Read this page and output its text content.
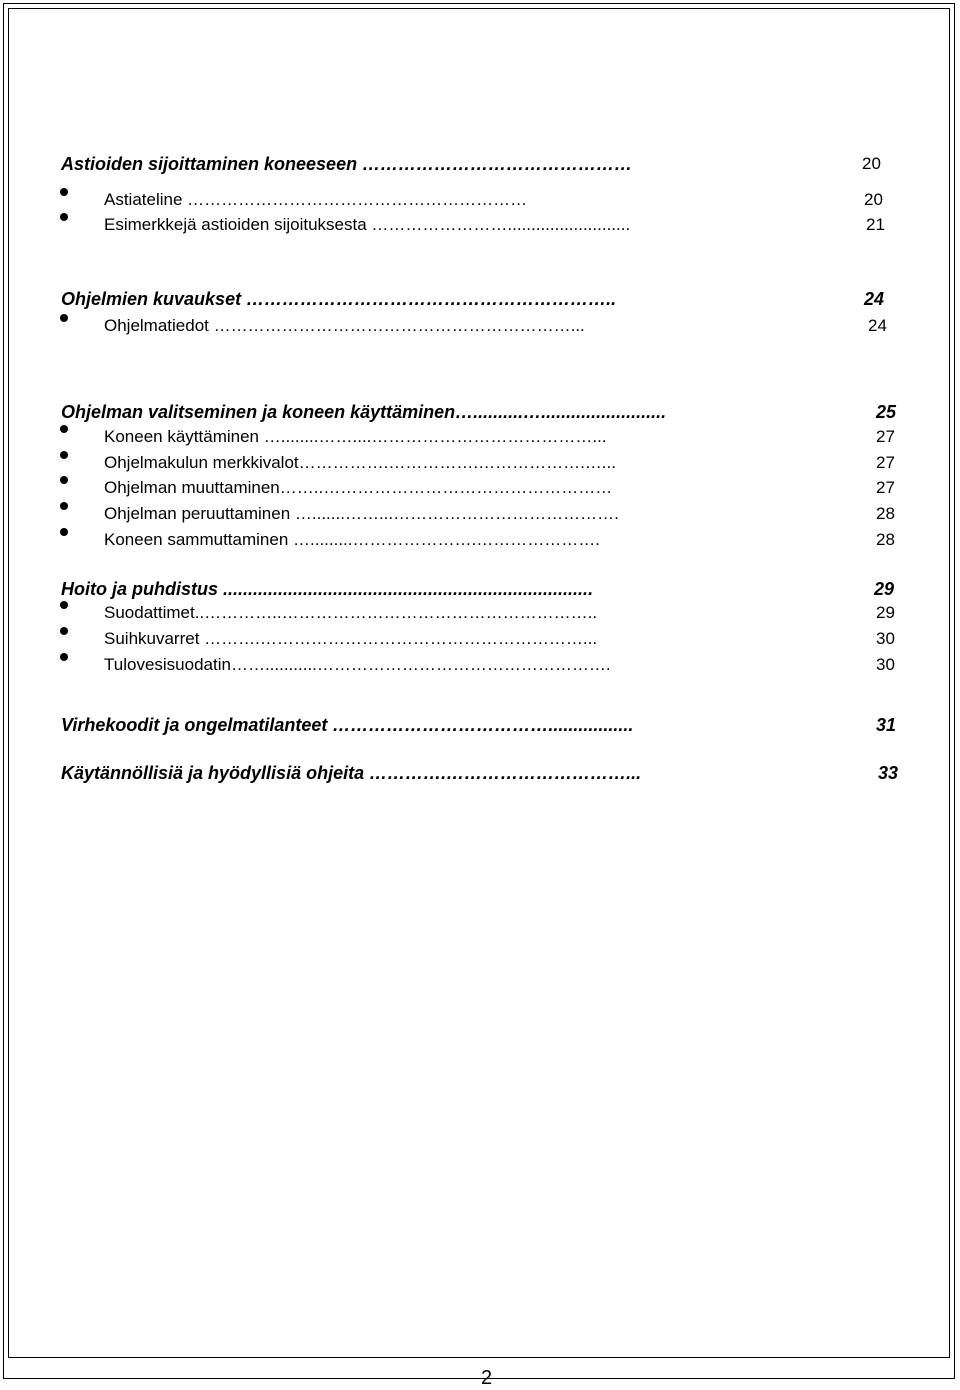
Astioiden sijoittaminen koneeseen ………………………………………	20
Astiateline ……………………………………………………	20
Esimerkkejä astioiden sijoituksesta ……………………..........................	21
Ohjelmien kuvaukset ……………………………………………………..	24
Ohjelmatiedot ………………………………………………………...	24
Ohjelman valitseminen ja koneen käyttäminen…..........….........................	25
Koneen käyttäminen …........……....…………………………………...	27
Ohjelmakulun merkkivalot…………….…………….……………….…...	27
Ohjelman muuttaminen……..……………………………………………	27
Ohjelman peruuttaminen ….......……...………………………………….	28
Koneen sammuttaminen ….........………………….………………….	28
Hoito ja puhdistus ..........................................................................	29
Suodattimet..…………..………………………………………………..	29
Suihkuvarret ……….…………………………………………………...	30
Tulovesisuodatin……...........…………………………………………….	30
Virhekoodit ja ongelmatilanteet ……………………………….................	31
Käytännöllisiä ja hyödyllisiä ohjeita ………….…………………………...	33
2
